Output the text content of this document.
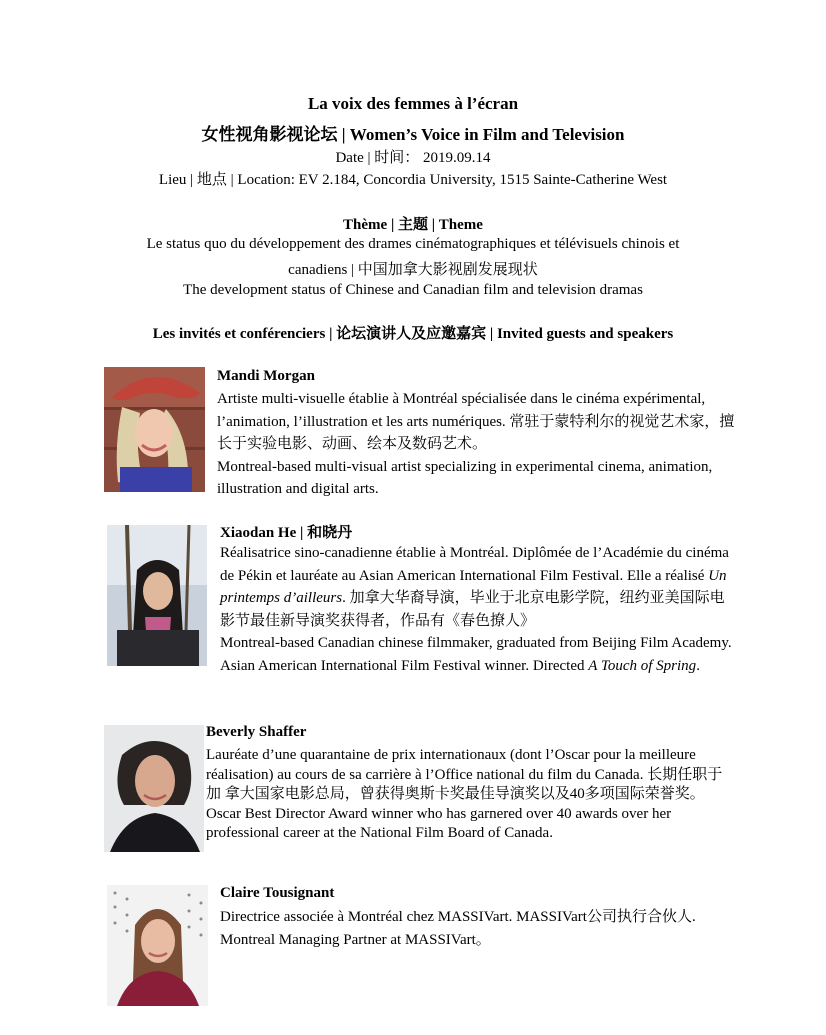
La voix des femmes à l’écran
女性视角影视论坛 | Women’s Voice in Film and Television
Date | 时间： 2019.09.14
Lieu | 地点 | Location: EV 2.184, Concordia University, 1515 Sainte-Catherine West
Thème | 主题 | Theme
Le status quo du développement des drames cinématographiques et télévisuels chinois et
canadiens | 中国加拿大影视剧发展现状
The development status of Chinese and Canadian film and television dramas
Les invités et conférenciers | 论坛演讲人及应邀嘉宾 | Invited guests and speakers
Mandi Morgan

Artiste multi-visuelle établie à Montréal spécialisée dans le cinéma expérimental, l’animation, l’illustration et les arts numériques. 常驻于蒙特利尔的视觉艺术家，擅长于实验电影、动画、绘本及数码艺术。

Montreal-based multi-visual artist specializing in experimental cinema, animation, illustration and digital arts.

Xiaodan He | 和晓丹

Réalisatrice sino-canadienne établie à Montréal. Diplômée de l’Académie du cinéma de Pékin et lauréate au Asian American International Film Festival. Elle a réalisé Un printemps d’ailleurs. 加拿大华裔导演，毕业于北京电影学院，纽约亚美国际电影节最佳新导演奖获得者，作品有《春色撩人》

Montreal-based Canadian chinese filmmaker, graduated from Beijing Film Academy. Asian American International Film Festival winner. Directed A Touch of Spring.

Beverly Shaffer

Lauréate d’une quarantaine de prix internationaux (dont l’Oscar pour la meilleure réalisation) au cours de sa carrière à l’Office national du film du Canada. 长期任职于加 拿大国家电影总局，曾获得奥斯卡奖最佳导演奖以及40多项国际荣誉奖。Oscar Best Director Award winner who has garnered over 40 awards over her professional career at the National Film Board of Canada.

Claire Tousignant

Directrice associée à Montréal chez MASSIVart. MASSIVart公司执行合伙人. Montreal Managing Partner at MASSIVart。
